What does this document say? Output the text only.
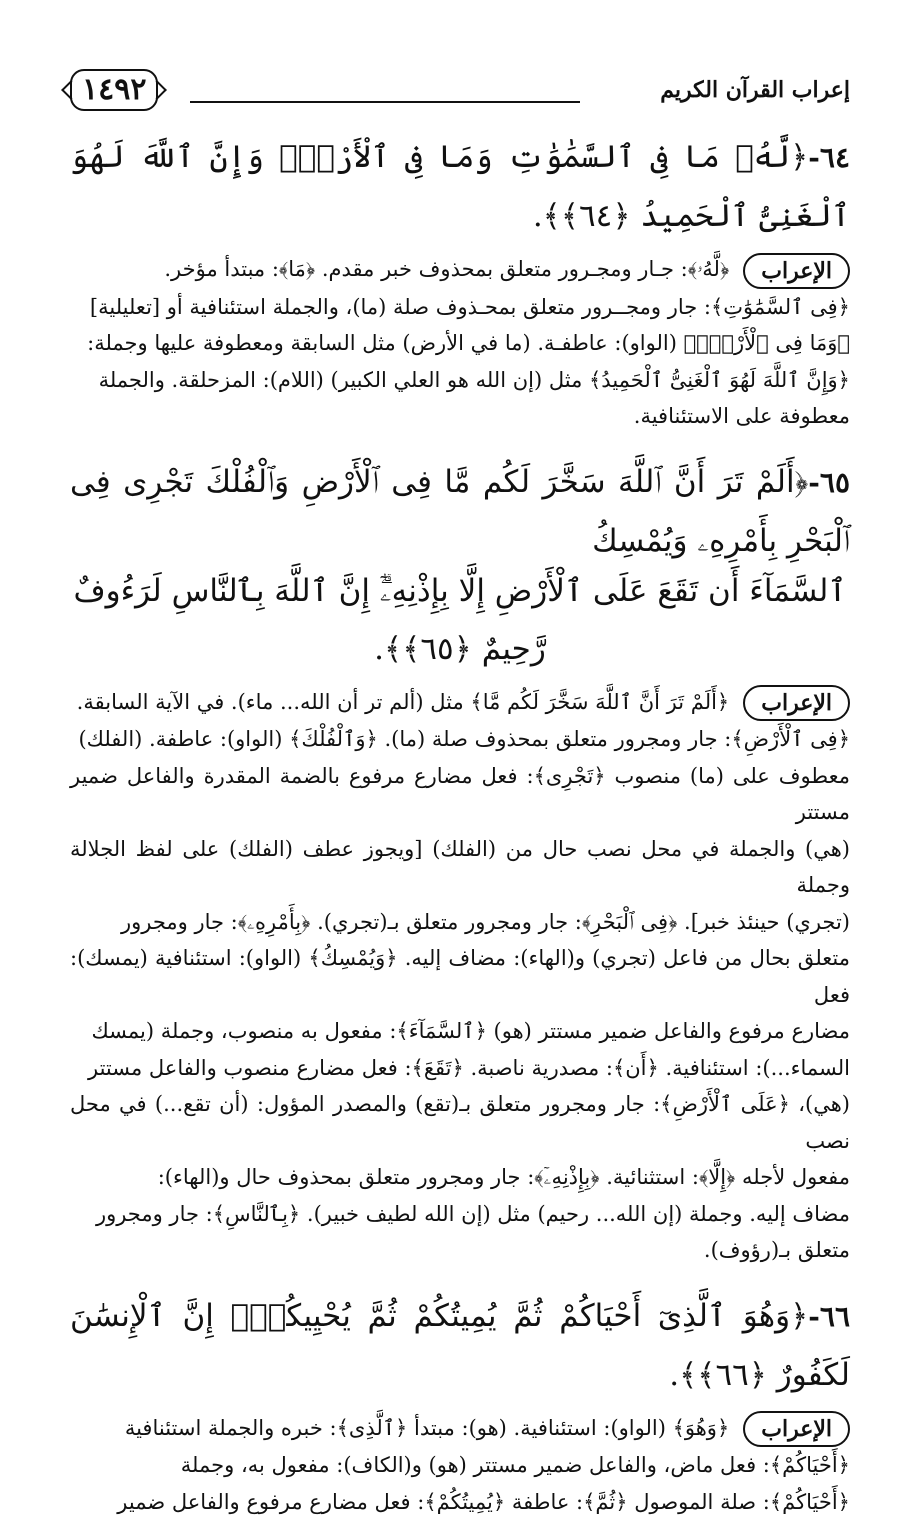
إعراب القرآن الكريم
١٤٩٢
٦٤-﴿لَّهُۥ مَا فِى ٱلسَّمَٰوَٰتِ وَمَا فِى ٱلْأَرْضِۗ وَإِنَّ ٱللَّهَ لَهُوَ ٱلْغَنِىُّ ٱلْحَمِيدُ ﴿٦٤﴾﴾.
الإعراب﴿لَّهُۥ﴾: جـار ومجـرور متعلق بمحذوف خبر مقدم. ﴿مَا﴾: مبتدأ مؤخر.
﴿فِى ٱلسَّمَٰوَٰتِ﴾: جار ومجــرور متعلق بمحـذوف صلة (ما)، والجملة استئنافية أو [تعليلية]
﴿وَمَا فِى ٱلْأَرْضِۗ﴾ (الواو): عاطفـة. (ما في الأرض) مثل السابقة ومعطوفة عليها وجملة:
﴿وَإِنَّ ٱللَّهَ لَهُوَ ٱلْغَنِىُّ ٱلْحَمِيدُ﴾ مثل (إن الله هو العلي الكبير) (اللام): المزحلقة. والجملة
معطوفة على الاستئنافية.
٦٥-﴿أَلَمْ تَرَ أَنَّ ٱللَّهَ سَخَّرَ لَكُم مَّا فِى ٱلْأَرْضِ وَٱلْفُلْكَ تَجْرِى فِى ٱلْبَحْرِ بِأَمْرِهِۦ وَيُمْسِكُ
ٱلسَّمَآءَ أَن تَقَعَ عَلَى ٱلْأَرْضِ إِلَّا بِإِذْنِهِۦٓۗ إِنَّ ٱللَّهَ بِٱلنَّاسِ لَرَءُوفٌ رَّحِيمٌ ﴿٦٥﴾﴾.
الإعراب﴿أَلَمْ تَرَ أَنَّ ٱللَّهَ سَخَّرَ لَكُم مَّا﴾ مثل (ألم تر أن الله... ماء). في الآية السابقة.
﴿فِى ٱلْأَرْضِ﴾: جار ومجرور متعلق بمحذوف صلة (ما). ﴿وَٱلْفُلْكَ﴾ (الواو): عاطفة. (الفلك)
معطوف على (ما) منصوب ﴿تَجْرِى﴾: فعل مضارع مرفوع بالضمة المقدرة والفاعل ضمير مستتر
(هي) والجملة في محل نصب حال من (الفلك) [ويجوز عطف (الفلك) على لفظ الجلالة وجملة
(تجري) حينئذ خبر]. ﴿فِى ٱلْبَحْرِ﴾: جار ومجرور متعلق بـ(تجري). ﴿بِأَمْرِهِۦ﴾: جار ومجرور
متعلق بحال من فاعل (تجري) و(الهاء): مضاف إليه. ﴿وَيُمْسِكُ﴾ (الواو): استئنافية (يمسك): فعل
مضارع مرفوع والفاعل ضمير مستتر (هو) ﴿ٱلسَّمَآءَ﴾: مفعول به منصوب، وجملة (يمسك
السماء...): استئنافية. ﴿أَن﴾: مصدرية ناصبة. ﴿تَقَعَ﴾: فعل مضارع منصوب والفاعل مستتر
(هي)، ﴿عَلَى ٱلْأَرْضِ﴾: جار ومجرور متعلق بـ(تقع) والمصدر المؤول: (أن تقع...) في محل نصب
مفعول لأجله ﴿إِلَّا﴾: استثنائية. ﴿بِإِذْنِهِۦٓ﴾: جار ومجرور متعلق بمحذوف حال و(الهاء):
مضاف إليه. وجملة (إن الله... رحيم) مثل (إن الله لطيف خبير). ﴿بِٱلنَّاسِ﴾: جار ومجرور
متعلق بـ(رؤوف).
٦٦-﴿وَهُوَ ٱلَّذِىٓ أَحْيَاكُمْ ثُمَّ يُمِيتُكُمْ ثُمَّ يُحْيِيكُمْۗ إِنَّ ٱلْإِنسَٰنَ لَكَفُورٌ ﴿٦٦﴾﴾.
الإعراب﴿وَهُوَ﴾ (الواو): استئنافية. (هو): مبتدأ ﴿ٱلَّذِى﴾: خبره والجملة استئنافية
﴿أَحْيَاكُمْ﴾: فعل ماض، والفاعل ضمير مستتر (هو) و(الكاف): مفعول به، وجملة
﴿أَحْيَاكُمْ﴾: صلة الموصول ﴿ثُمَّ﴾: عاطفة ﴿يُمِيتُكُمْ﴾: فعل مضارع مرفوع والفاعل ضمير
